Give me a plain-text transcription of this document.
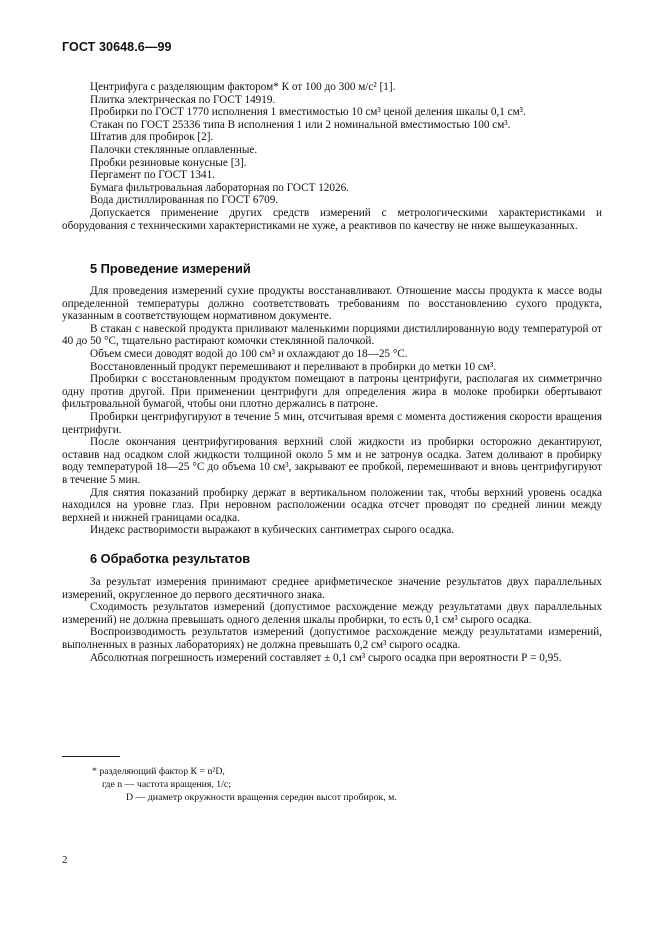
ГОСТ 30648.6—99

Центрифуга с разделяющим фактором* К от 100 до 300 м/с² [1].

Плитка электрическая по ГОСТ 14919.

Пробирки по ГОСТ 1770 исполнения 1 вместимостью 10 см³ ценой деления шкалы 0,1 см³.

Стакан по ГОСТ 25336 типа В исполнения 1 или 2 номинальной вместимостью 100 см³.

Штатив для пробирок [2].

Палочки стеклянные оплавленные.

Пробки резиновые конусные [3].

Пергамент по ГОСТ 1341.

Бумага фильтровальная лабораторная по ГОСТ 12026.

Вода дистиллированная по ГОСТ 6709.

Допускается применение других средств измерений с метрологическими характеристиками и оборудования с техническими характеристиками не хуже, а реактивов по качеству не ниже вышеуказанных.

5 Проведение измерений

Для проведения измерений сухие продукты восстанавливают. Отношение массы продукта к массе воды определенной температуры должно соответствовать требованиям по восстановлению сухого продукта, указанным в соответствующем нормативном документе.

В стакан с навеской продукта приливают маленькими порциями дистиллированную воду температурой от 40 до 50 °С, тщательно растирают комочки стеклянной палочкой.

Объем смеси доводят водой до 100 см³ и охлаждают до 18—25 °С.

Восстановленный продукт перемешивают и переливают в пробирки до метки 10 см³.

Пробирки с восстановленным продуктом помещают в патроны центрифуги, располагая их симметрично одну против другой. При применении центрифуги для определения жира в молоке пробирки обертывают фильтровальной бумагой, чтобы они плотно держались в патроне.

Пробирки центрифугируют в течение 5 мин, отсчитывая время с момента достижения скорости вращения центрифуги.

После окончания центрифугирования верхний слой жидкости из пробирки осторожно декантируют, оставив над осадком слой жидкости толщиной около 5 мм и не затронув осадка. Затем доливают в пробирку воду температурой 18—25 °С до объема 10 см³, закрывают ее пробкой, перемешивают и вновь центрифугируют в течение 5 мин.

Для снятия показаний пробирку держат в вертикальном положении так, чтобы верхний уровень осадка находился на уровне глаз. При неровном расположении осадка отсчет проводят по средней линии между верхней и нижней границами осадка.

Индекс растворимости выражают в кубических сантиметрах сырого осадка.

6 Обработка результатов

За результат измерения принимают среднее арифметическое значение результатов двух параллельных измерений, округленное до первого десятичного знака.

Сходимость результатов измерений (допустимое расхождение между результатами двух параллельных измерений) не должна превышать одного деления шкалы пробирки, то есть 0,1 см³ сырого осадка.

Воспроизводимость результатов измерений (допустимое расхождение между результатами измерений, выполненных в разных лабораториях) не должна превышать 0,2 см³ сырого осадка.

Абсолютная погрешность измерений составляет ± 0,1 см³ сырого осадка при вероятности Р = 0,95.

* разделяющий фактор К = n²D,
где n — частота вращения, 1/с;
D — диаметр окружности вращения середин высот пробирок, м.
2
